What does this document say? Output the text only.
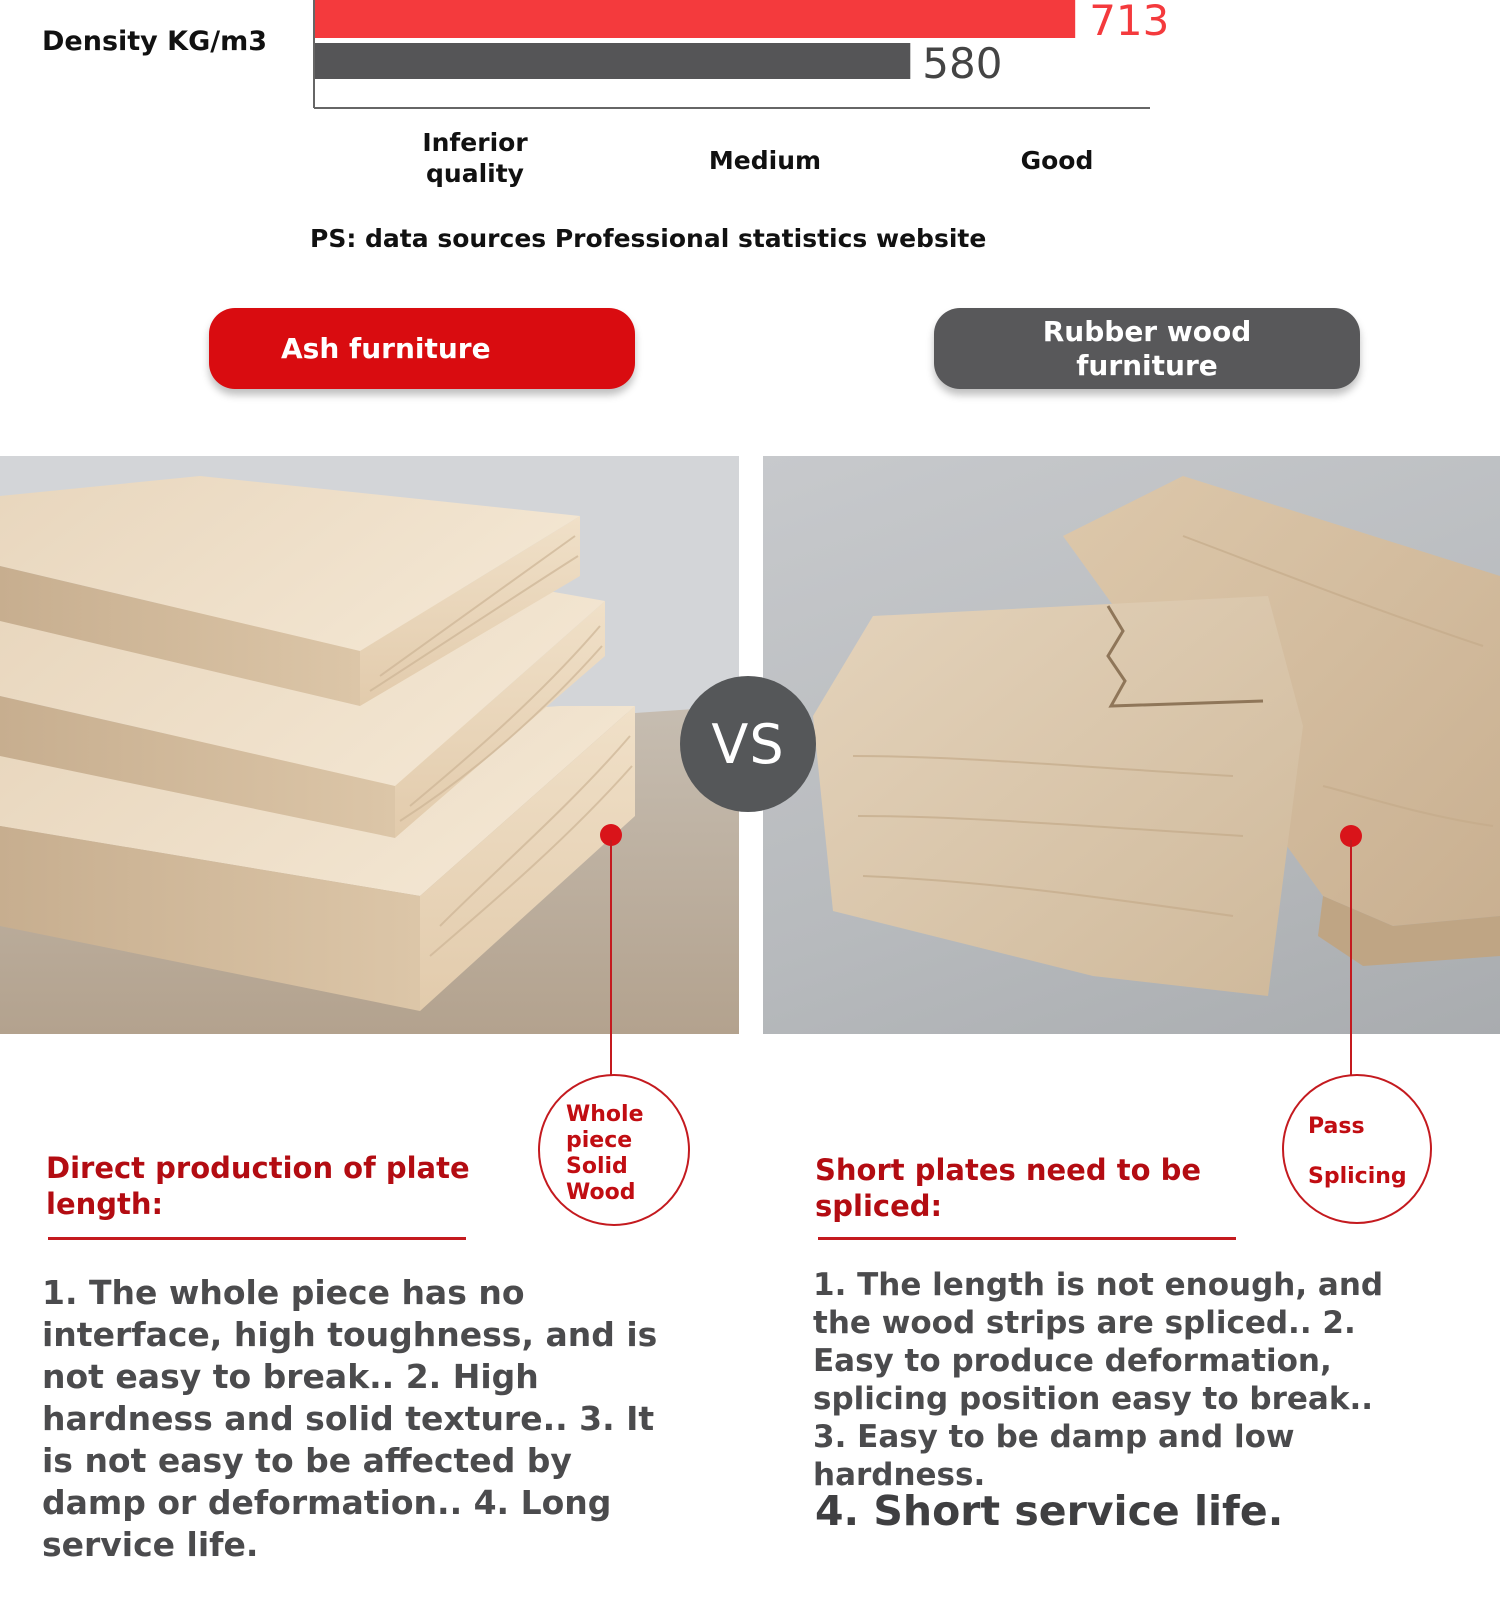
Density KG/m3	713
580
Inferior
quality	Medium	Good
PS: data sources Professional statistics website
Ash furniture
Rubber wood furniture
VS
Whole
piece
Solid
Wood
Direct production of plate length:
1. The whole piece has no interface, high toughness, and is not easy to break.. 2. High hardness and solid texture.. 3. It is not easy to be affected by damp or deformation.. 4. Long service life.
Pass
Splicing
Short plates need to be spliced:
1. The length is not enough, and the wood strips are spliced.. 2. Easy to produce deformation, splicing position easy to break.. 3. Easy to be damp and low hardness.
4. Short service life.
